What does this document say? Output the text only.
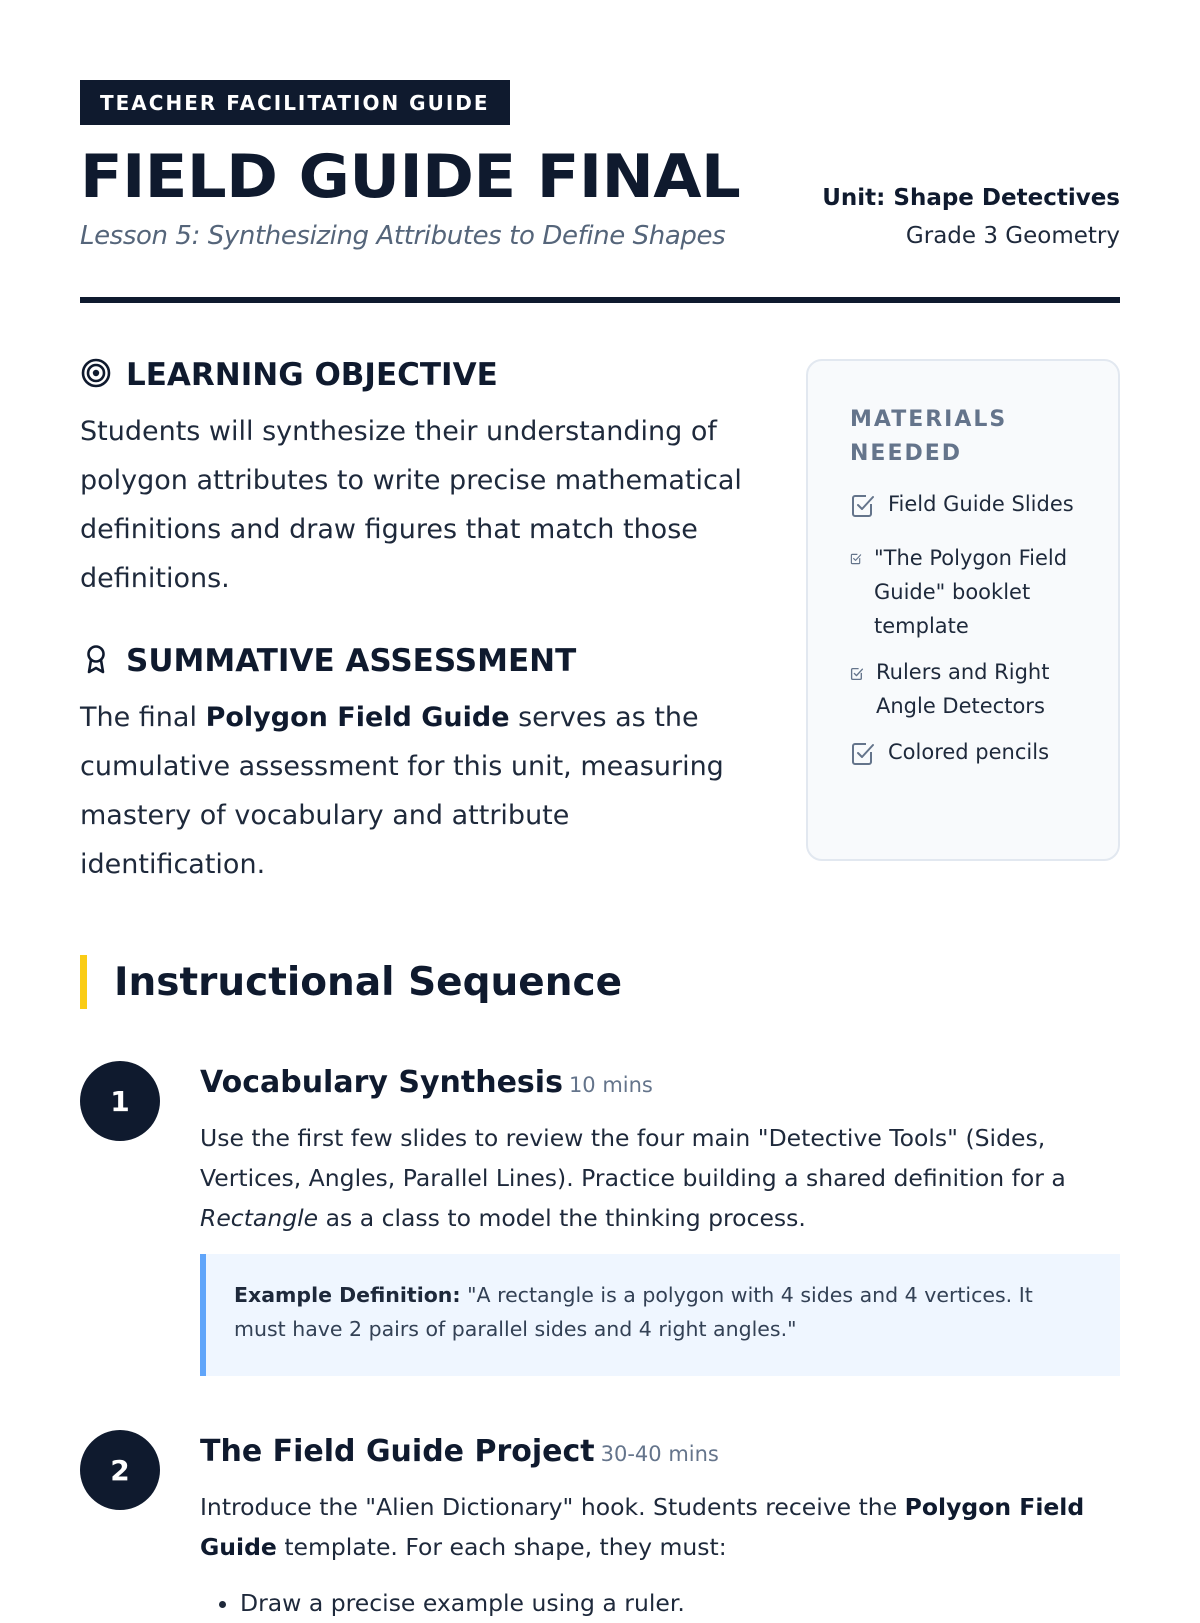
TEACHER FACILITATION GUIDE
FIELD GUIDE FINAL
Lesson 5: Synthesizing Attributes to Define Shapes
Unit: Shape Detectives
Grade 3 Geometry
LEARNING OBJECTIVE

Students will synthesize their understanding of polygon attributes to write precise mathematical definitions and draw figures that match those definitions.

SUMMATIVE ASSESSMENT

The final Polygon Field Guide serves as the cumulative assessment for this unit, measuring mastery of vocabulary and attribute identification.

MATERIALS NEEDED
Field Guide Slides
"The Polygon Field Guide" booklet template
Rulers and Right Angle Detectors
Colored pencils
Instructional Sequence
1
Vocabulary Synthesis 10 mins

Use the first few slides to review the four main "Detective Tools" (Sides, Vertices, Angles, Parallel Lines). Practice building a shared definition for a Rectangle as a class to model the thinking process.

Example Definition: "A rectangle is a polygon with 4 sides and 4 vertices. It must have 2 pairs of parallel sides and 4 right angles."
2
The Field Guide Project 30-40 mins

Introduce the "Alien Dictionary" hook. Students receive the Polygon Field Guide template. For each shape, they must:

• Draw a precise example using a ruler.
